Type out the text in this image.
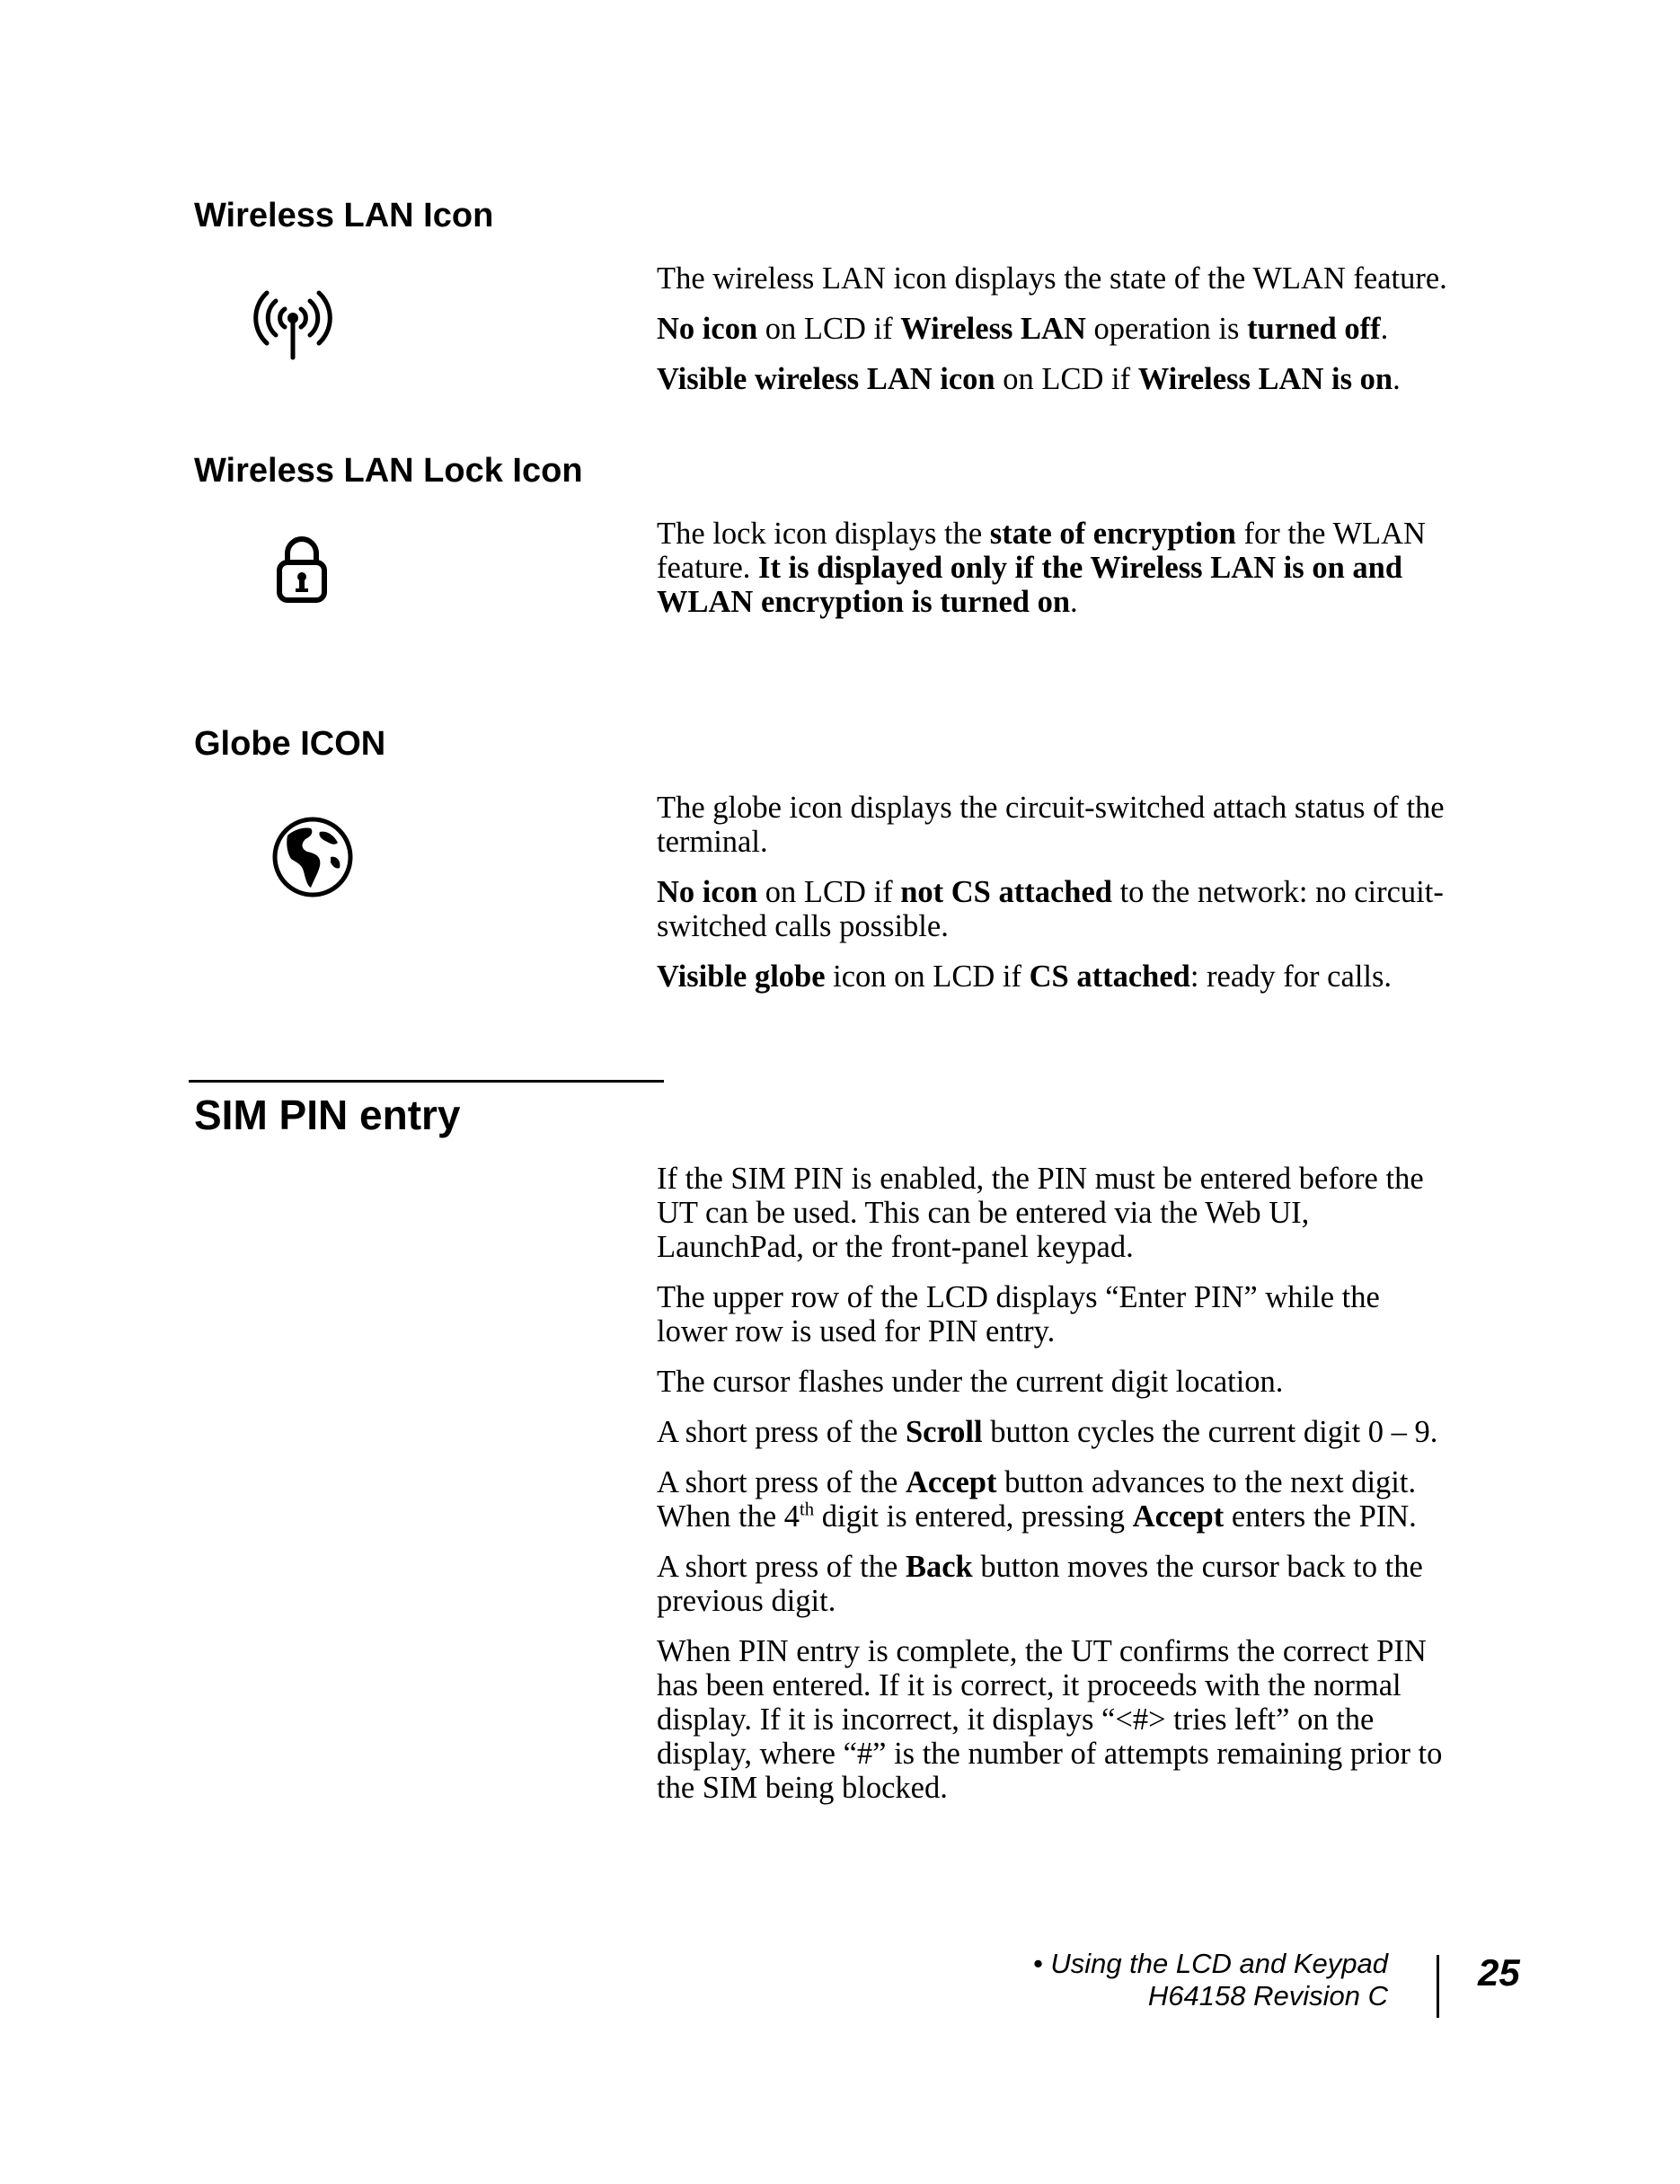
Wireless LAN Icon

The wireless LAN icon displays the state of the WLAN feature.

No icon on LCD if Wireless LAN operation is turned off.

Visible wireless LAN icon on LCD if Wireless LAN is on.

Wireless LAN Lock Icon

The lock icon displays the state of encryption for the WLAN feature. It is displayed only if the Wireless LAN is on and WLAN encryption is turned on.

Globe ICON

The globe icon displays the circuit-switched attach status of the terminal.

No icon on LCD if not CS attached to the network: no circuit-switched calls possible.

Visible globe icon on LCD if CS attached: ready for calls.

SIM PIN entry

If the SIM PIN is enabled, the PIN must be entered before the UT can be used. This can be entered via the Web UI, LaunchPad, or the front-panel keypad.

The upper row of the LCD displays “Enter PIN” while the lower row is used for PIN entry.

The cursor flashes under the current digit location.

A short press of the Scroll button cycles the current digit 0 – 9.

A short press of the Accept button advances to the next digit. When the 4th digit is entered, pressing Accept enters the PIN.

A short press of the Back button moves the cursor back to the previous digit.

When PIN entry is complete, the UT confirms the correct PIN has been entered. If it is correct, it proceeds with the normal display. If it is incorrect, it displays “<#> tries left” on the display, where “#” is the number of attempts remaining prior to the SIM being blocked.

• Using the LCD and Keypad
H64158 Revision C
25
